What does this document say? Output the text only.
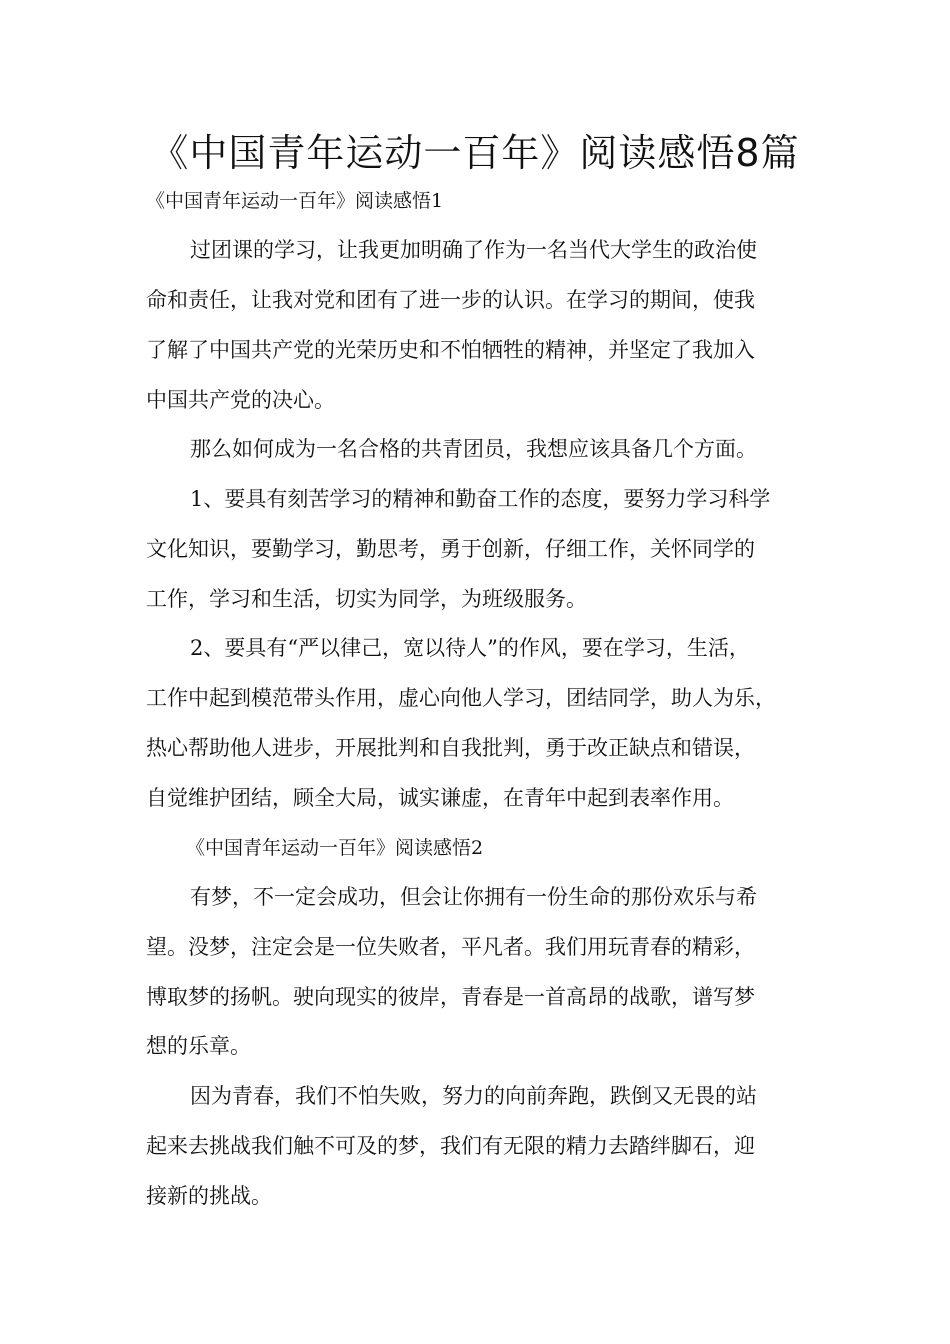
《中国青年运动一百年》阅读感悟8篇

《中国青年运动一百年》阅读感悟1

过团课的学习，让我更加明确了作为一名当代大学生的政治使

命和责任，让我对党和团有了进一步的认识。在学习的期间，使我

了解了中国共产党的光荣历史和不怕牺牲的精神，并坚定了我加入

中国共产党的决心。

那么如何成为一名合格的共青团员，我想应该具备几个方面。

1、要具有刻苦学习的精神和勤奋工作的态度，要努力学习科学

文化知识，要勤学习，勤思考，勇于创新，仔细工作，关怀同学的

工作，学习和生活，切实为同学，为班级服务。

2、要具有“严以律己，宽以待人”的作风，要在学习，生活，

工作中起到模范带头作用，虚心向他人学习，团结同学，助人为乐，

热心帮助他人进步，开展批判和自我批判，勇于改正缺点和错误，

自觉维护团结，顾全大局，诚实谦虚，在青年中起到表率作用。

《中国青年运动一百年》阅读感悟2

有梦，不一定会成功，但会让你拥有一份生命的那份欢乐与希

望。没梦，注定会是一位失败者，平凡者。我们用玩青春的精彩，

博取梦的扬帆。驶向现实的彼岸，青春是一首高昂的战歌，谱写梦

想的乐章。

因为青春，我们不怕失败，努力的向前奔跑，跌倒又无畏的站

起来去挑战我们触不可及的梦，我们有无限的精力去踏绊脚石，迎

接新的挑战。
